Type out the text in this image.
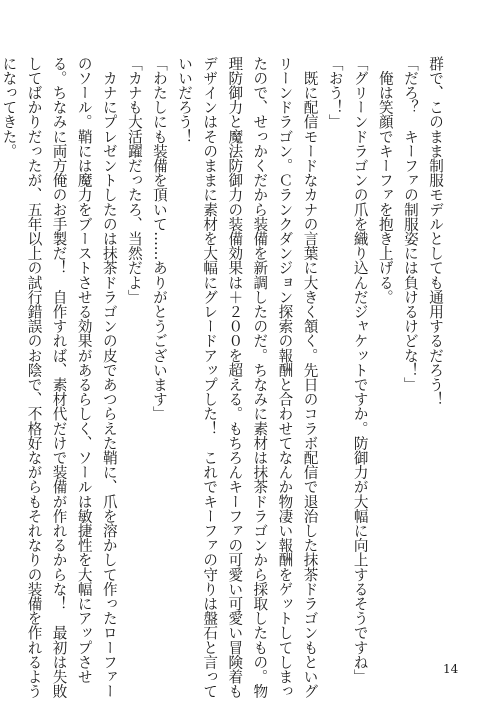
群で、このまま制服モデルとしても通用するだろう！

「だろ？　キーファの制服姿には負けるけどな！」

　俺は笑顔でキーファを抱き上げる。

「グリーンドラゴンの爪を織り込んだジャケットですか。防御力が大幅に向上するそうですね」

「おう！」

　既に配信モードなカナの言葉に大きく頷く。先日のコラボ配信で退治した抹茶ドラゴンもといグ

リーンドラゴン。Ｃランクダンジョン探索の報酬と合わせてなんか物凄い報酬をゲットしてしまっ

たので、せっかくだから装備を新調したのだ。ちなみに素材は抹茶ドラゴンから採取したもの。物

理防御力と魔法防御力の装備効果は＋２００を超える。もちろんキーファの可愛い可愛い冒険着も

デザインはそのままに素材を大幅にグレードアップした！　これでキーファの守りは盤石と言って

いいだろう！

「わたしにも装備を頂いて……ありがとうございます」

「カナも大活躍だったろ、当然だよ」

　カナにプレゼントしたのは抹茶ドラゴンの皮であつらえた鞘に、爪を溶かして作ったローファー

のソール。鞘には魔力をブーストさせる効果があるらしく、ソールは敏捷性を大幅にアップさせ

る。ちなみに両方俺のお手製だ！　自作すれば、素材代だけで装備が作れるからな！　最初は失敗

してばかりだったが、五年以上の試行錯誤のお陰で、不格好ながらもそれなりの装備を作れるよう

になってきた。

14
